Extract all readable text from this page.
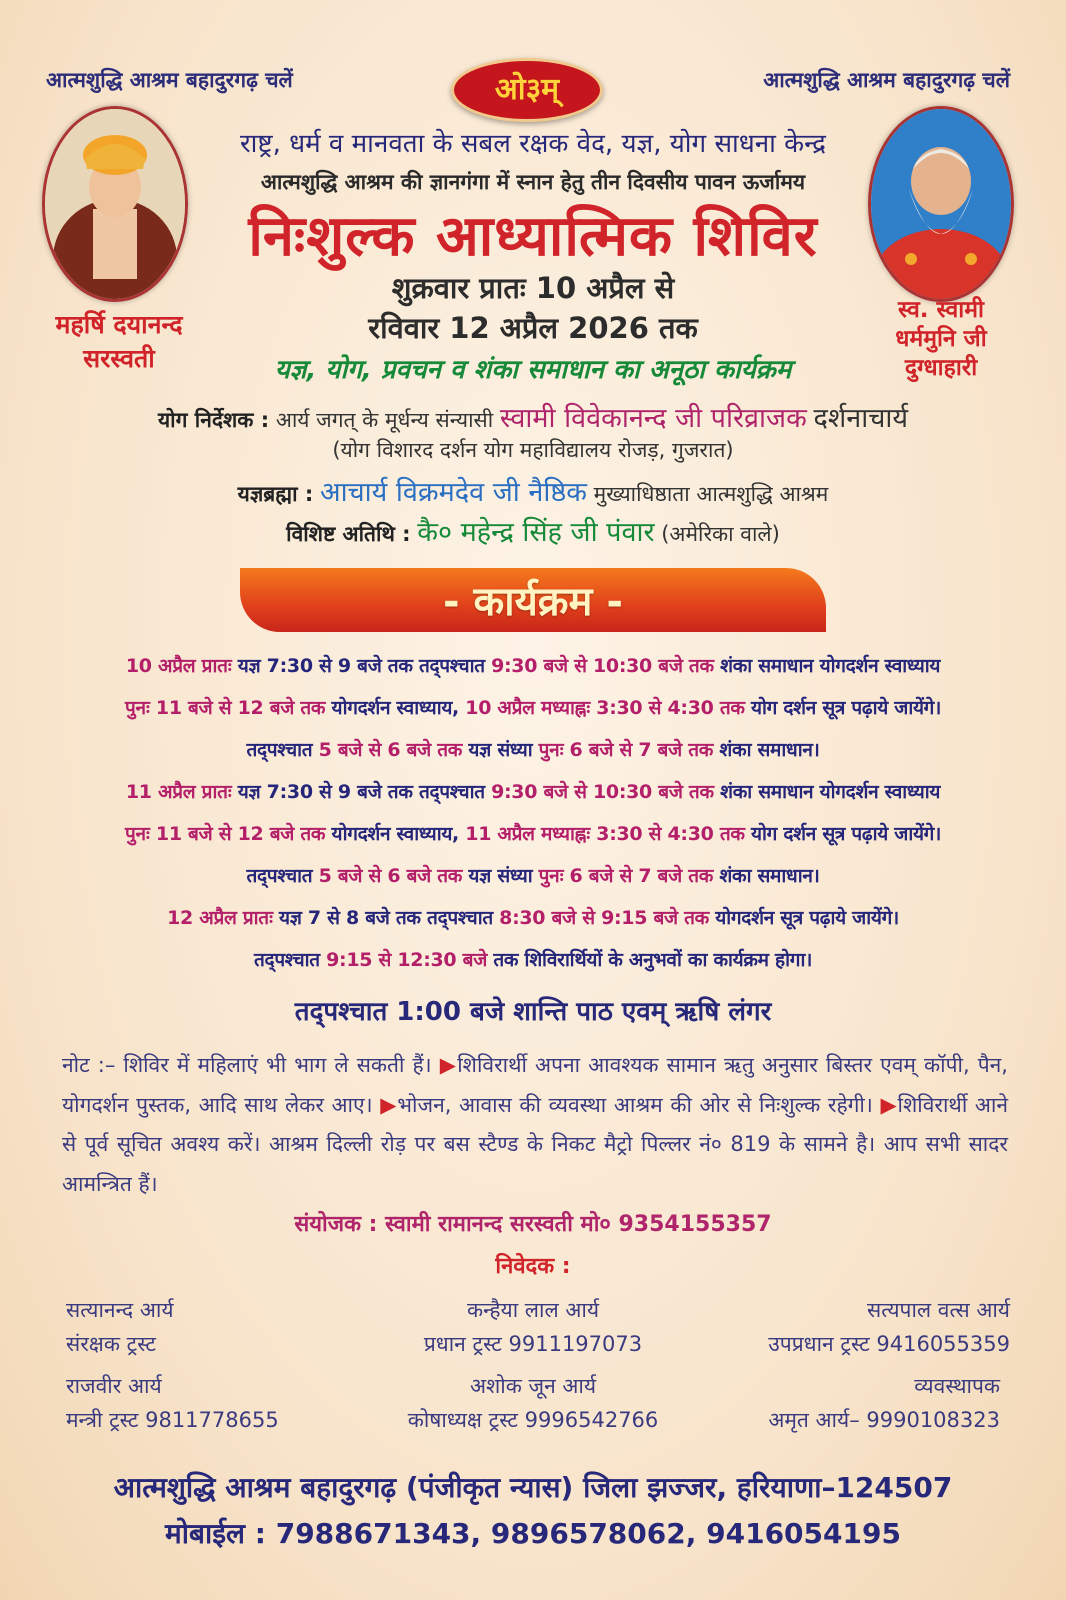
आत्मशुद्धि आश्रम बहादुरगढ़ चलें	आत्मशुद्धि आश्रम बहादुरगढ़ चलें
ओ३म्
महर्षि दयानन्द
सरस्वती
स्व. स्वामी
धर्ममुनि जी
दुग्धाहारी
राष्ट्र, धर्म व मानवता के सबल रक्षक वेद, यज्ञ, योग साधना केन्द्र
आत्मशुद्धि आश्रम की ज्ञानगंगा में स्नान हेतु तीन दिवसीय पावन ऊर्जामय
निःशुल्क आध्यात्मिक शिविर
शुक्रवार प्रातः 10 अप्रैल से
रविवार 12 अप्रैल 2026 तक
यज्ञ, योग, प्रवचन व शंका समाधान का अनूठा कार्यक्रम
योग निर्देशक : आर्य जगत् के मूर्धन्य संन्यासी स्वामी विवेकानन्द जी परिव्राजक दर्शनाचार्य
(योग विशारद दर्शन योग महाविद्यालय रोजड़, गुजरात)
यज्ञब्रह्मा : आचार्य विक्रमदेव जी नैष्ठिक मुख्याधिष्ठाता आत्मशुद्धि आश्रम
विशिष्ट अतिथि : कै० महेन्द्र सिंह जी पंवार (अमेरिका वाले)
- कार्यक्रम -
10 अप्रैल प्रातः यज्ञ 7:30 से 9 बजे तक तद्पश्चात 9:30 बजे से 10:30 बजे तक शंका समाधान योगदर्शन स्वाध्याय
पुनः 11 बजे से 12 बजे तक योगदर्शन स्वाध्याय, 10 अप्रैल मध्याह्नः 3:30 से 4:30 तक योग दर्शन सूत्र पढ़ाये जायेंगे।
तद्पश्चात 5 बजे से 6 बजे तक यज्ञ संध्या पुनः 6 बजे से 7 बजे तक शंका समाधान।
11 अप्रैल प्रातः यज्ञ 7:30 से 9 बजे तक तद्पश्चात 9:30 बजे से 10:30 बजे तक शंका समाधान योगदर्शन स्वाध्याय
पुनः 11 बजे से 12 बजे तक योगदर्शन स्वाध्याय, 11 अप्रैल मध्याह्नः 3:30 से 4:30 तक योग दर्शन सूत्र पढ़ाये जायेंगे।
तद्पश्चात 5 बजे से 6 बजे तक यज्ञ संध्या पुनः 6 बजे से 7 बजे तक शंका समाधान।
12 अप्रैल प्रातः यज्ञ 7 से 8 बजे तक तद्पश्चात 8:30 बजे से 9:15 बजे तक योगदर्शन सूत्र पढ़ाये जायेंगे।
तद्पश्चात 9:15 से 12:30 बजे तक शिविरार्थियों के अनुभवों का कार्यक्रम होगा।
तद्पश्चात 1:00 बजे शान्ति पाठ एवम् ऋषि लंगर
नोट :– शिविर में महिलाएं भी भाग ले सकती हैं। ▶शिविरार्थी अपना आवश्यक सामान ऋतु अनुसार बिस्तर एवम् कॉपी, पैन, योगदर्शन पुस्तक, आदि साथ लेकर आए। ▶भोजन, आवास की व्यवस्था आश्रम की ओर से निःशुल्क रहेगी। ▶शिविरार्थी आने से पूर्व सूचित अवश्य करें। आश्रम दिल्ली रोड़ पर बस स्टैण्ड के निकट मैट्रो पिल्लर नं० 819 के सामने है। आप सभी सादर आमन्त्रित हैं।
संयोजक : स्वामी रामानन्द सरस्वती मो० 9354155357
निवेदक :
सत्यानन्द आर्य
संरक्षक ट्रस्ट
कन्हैया लाल आर्य
प्रधान ट्रस्ट 9911197073
सत्यपाल वत्स आर्य
उपप्रधान ट्रस्ट 9416055359
राजवीर आर्य
मन्त्री ट्रस्ट 9811778655
अशोक जून आर्य
कोषाध्यक्ष ट्रस्ट 9996542766
व्यवस्थापक
अमृत आर्य– 9990108323
आत्मशुद्धि आश्रम बहादुरगढ़ (पंजीकृत न्यास) जिला झज्जर, हरियाणा–124507
मोबाईल : 7988671343, 9896578062, 9416054195
